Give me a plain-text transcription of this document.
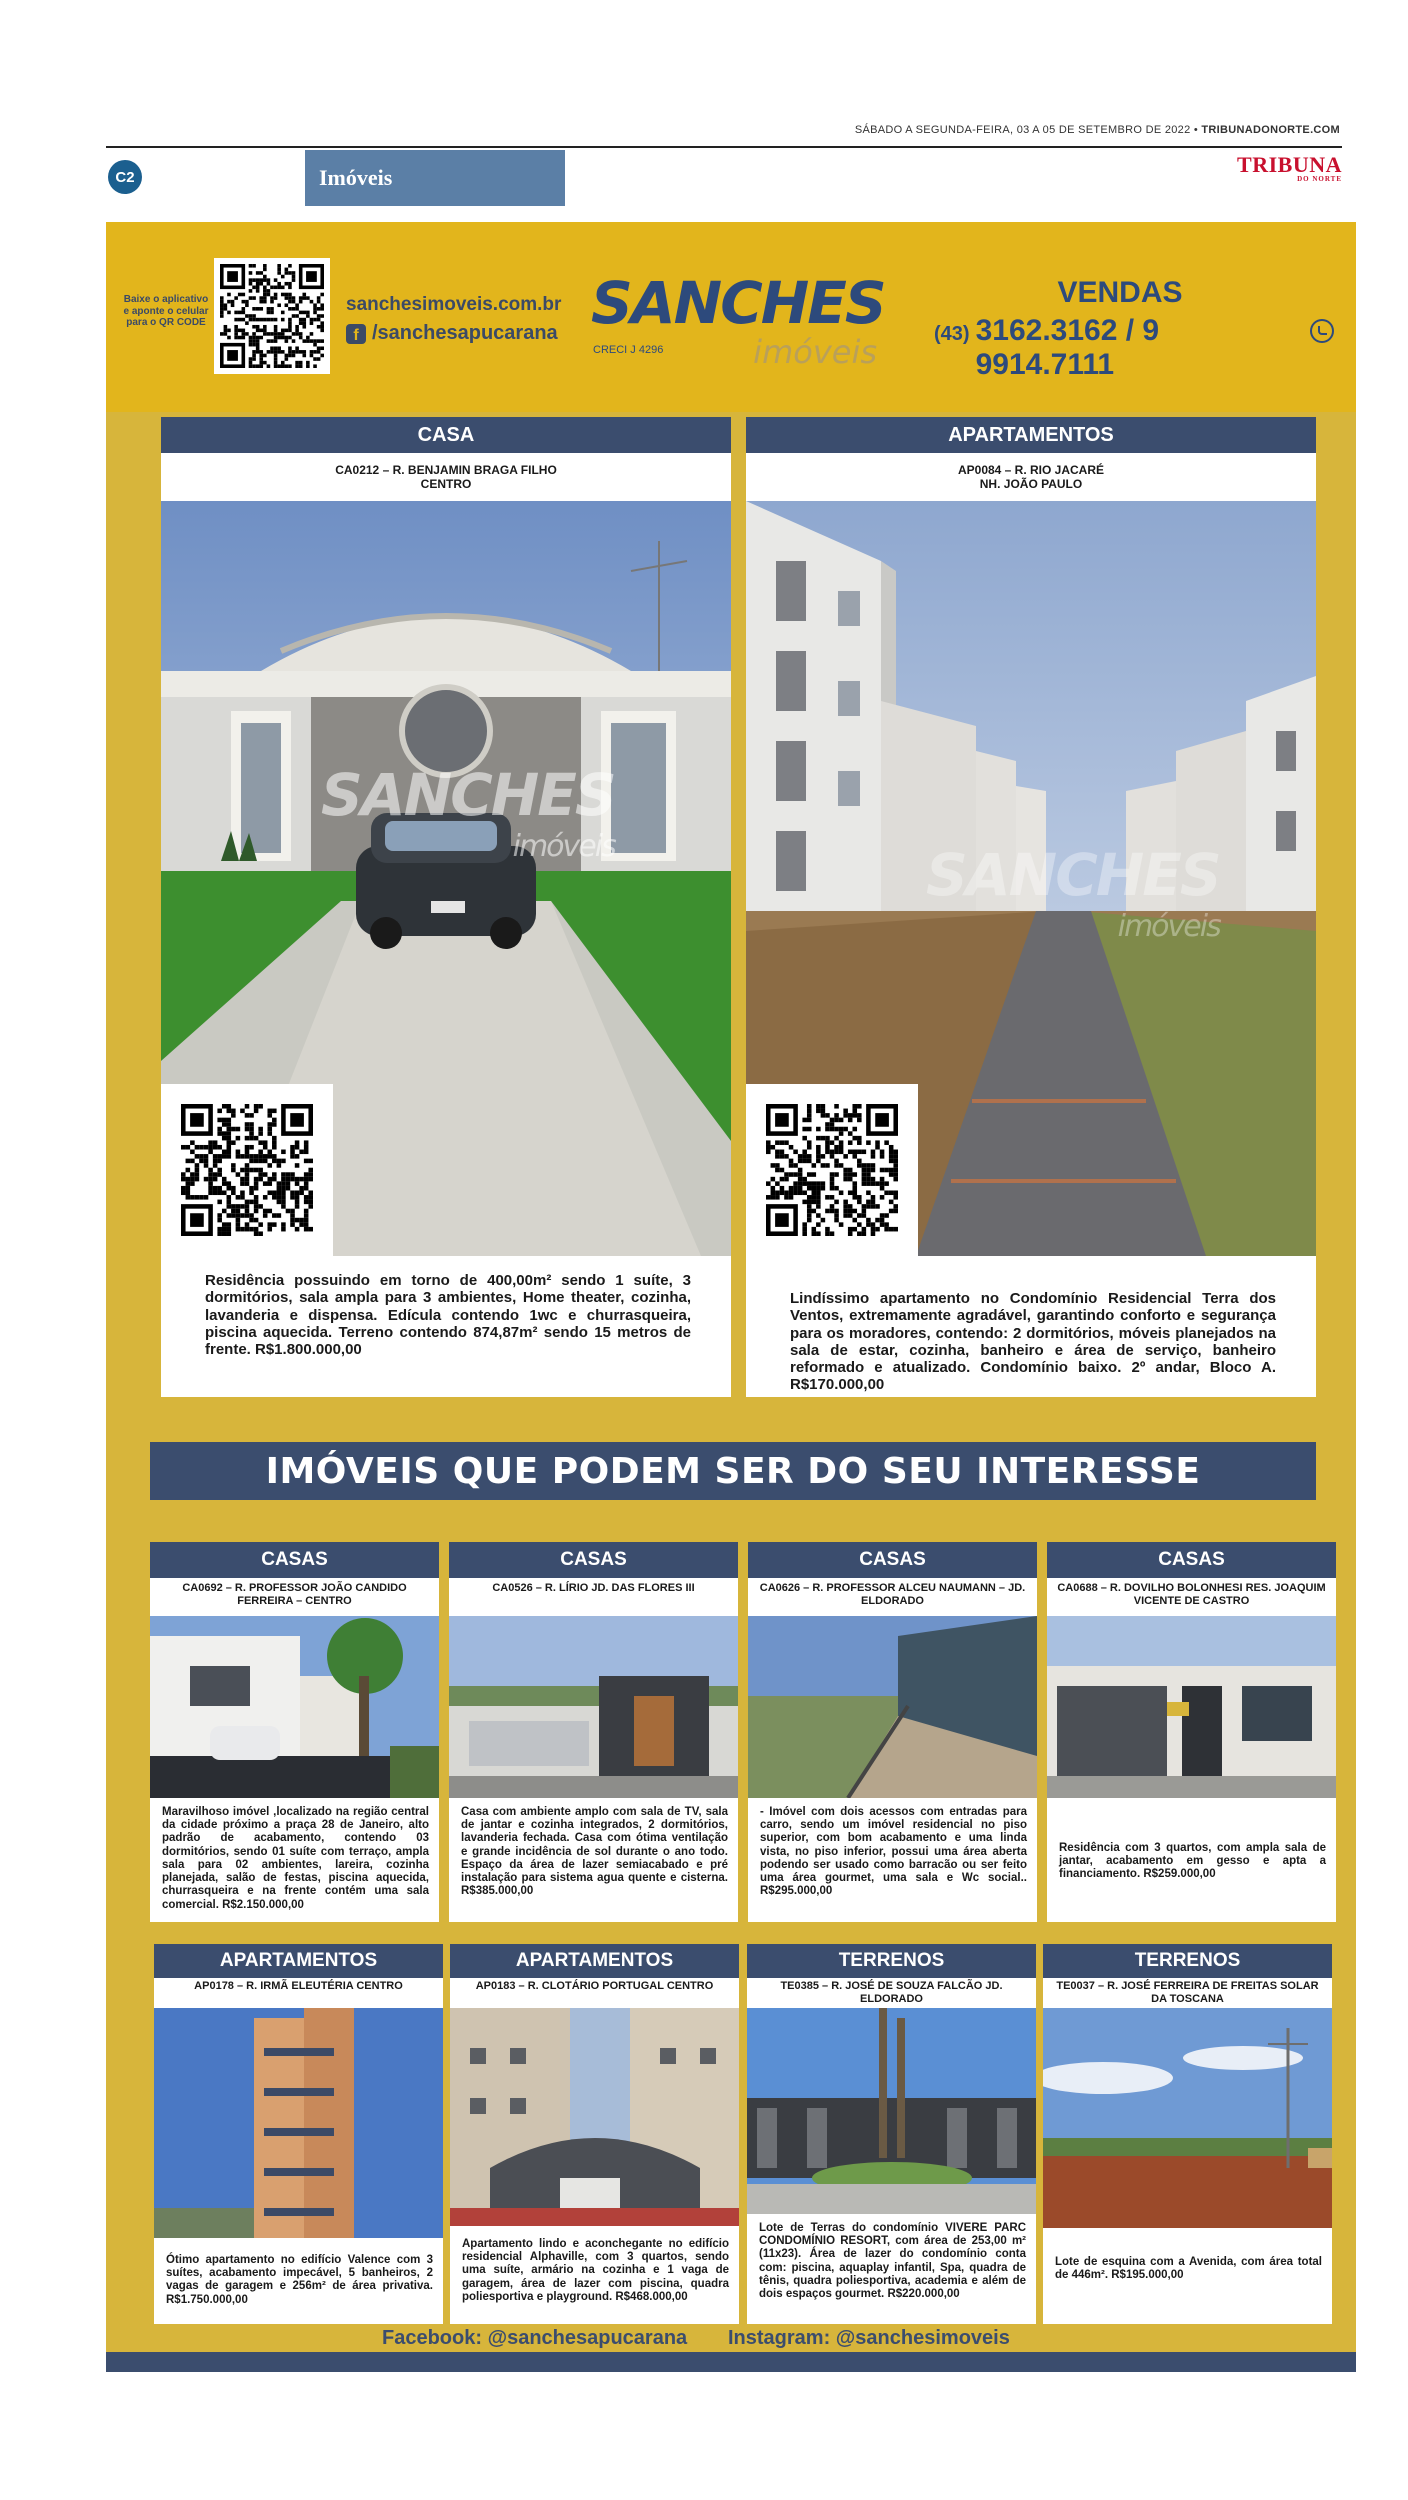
SÁBADO A SEGUNDA-FEIRA, 03 A 05 DE SETEMBRO DE 2022 • TRIBUNADONORTE.COM
C2	Imóveis
TRIBUNA
DO NORTE
Baixe o aplicativo e aponte o celular para o QR CODE
sanchesimoveis.com.br
f /sanchesapucarana SANCHES
CRECI J 4296	imóveis
VENDAS
(43) 3162.3162 / 9 9914.7111
CASA
CA0212 – R. BENJAMIN BRAGA FILHO
CENTRO
SANCHES
imóveis
Residência possuindo em torno de 400,00m² sendo 1 suíte, 3 dormitórios, sala ampla para 3 ambientes, Home theater, cozinha, lavanderia e dispensa. Edícula contendo 1wc e churrasqueira, piscina aquecida. Terreno contendo 874,87m² sendo 15 metros de frente. R$1.800.000,00
APARTAMENTOS
AP0084 – R. RIO JACARÉ
NH. JOÃO PAULO
SANCHES
imóveis
Lindíssimo apartamento no Condomínio Residencial Terra dos Ventos, extremamente agradável, garantindo conforto e segurança para os moradores, contendo: 2 dormitórios, móveis planejados na sala de estar, cozinha, banheiro e área de serviço, banheiro reformado e atualizado. Condomínio baixo. 2º andar, Bloco A. R$170.000,00
IMÓVEIS QUE PODEM SER DO SEU INTERESSE
CASAS
CA0692 – R. PROFESSOR JOÃO CANDIDO FERREIRA – CENTRO
Maravilhoso imóvel ,localizado na região central da cidade próximo a praça 28 de Janeiro, alto padrão de acabamento, contendo 03 dormitórios, sendo 01 suíte com terraço, ampla sala para 02 ambientes, lareira, cozinha planejada, salão de festas, piscina aquecida, churrasqueira e na frente contém uma sala comercial. R$2.150.000,00
CASAS
CA0526 – R. LÍRIO JD. DAS FLORES III
Casa com ambiente amplo com sala de TV, sala de jantar e cozinha integrados, 2 dormitórios, lavanderia fechada. Casa com ótima ventilação e grande incidência de sol durante o ano todo. Espaço da área de lazer semiacabado e pré instalação para sistema agua quente e cisterna. R$385.000,00
CASAS
CA0626 – R. PROFESSOR ALCEU NAUMANN – JD. ELDORADO
- Imóvel com dois acessos com entradas para carro, sendo um imóvel residencial no piso superior, com bom acabamento e uma linda vista, no piso inferior, possui uma área aberta podendo ser usado como barracão ou ser feito uma área gourmet, uma sala e Wc social.. R$295.000,00
CASAS
CA0688 – R. DOVILHO BOLONHESI RES. JOAQUIM VICENTE DE CASTRO
Residência com 3 quartos, com ampla sala de jantar, acabamento em gesso e apta a financiamento. R$259.000,00
APARTAMENTOS
AP0178 – R. IRMÃ ELEUTÉRIA CENTRO
Ótimo apartamento no edifício Valence com 3 suítes, acabamento impecável, 5 banheiros, 2 vagas de garagem e 256m² de área privativa. R$1.750.000,00
APARTAMENTOS
AP0183 – R. CLOTÁRIO PORTUGAL CENTRO
Apartamento lindo e aconchegante no edifício residencial Alphaville, com 3 quartos, sendo uma suíte, armário na cozinha e 1 vaga de garagem, área de lazer com piscina, quadra poliesportiva e playground. R$468.000,00
TERRENOS
TE0385 – R. JOSÉ DE SOUZA FALCÃO JD. ELDORADO
Lote de Terras do condomínio VIVERE PARC CONDOMÍNIO RESORT, com área de 253,00 m² (11x23). Área de lazer do condomínio conta com: piscina, aquaplay infantil, Spa, quadra de tênis, quadra poliesportiva, academia e além de dois espaços gourmet. R$220.000,00
TERRENOS
TE0037 – R. JOSÉ FERREIRA DE FREITAS SOLAR DA TOSCANA
Lote de esquina com a Avenida, com área total de 446m². R$195.000,00
Facebook: @sanchesapucarana Instagram: @sanchesimoveis
